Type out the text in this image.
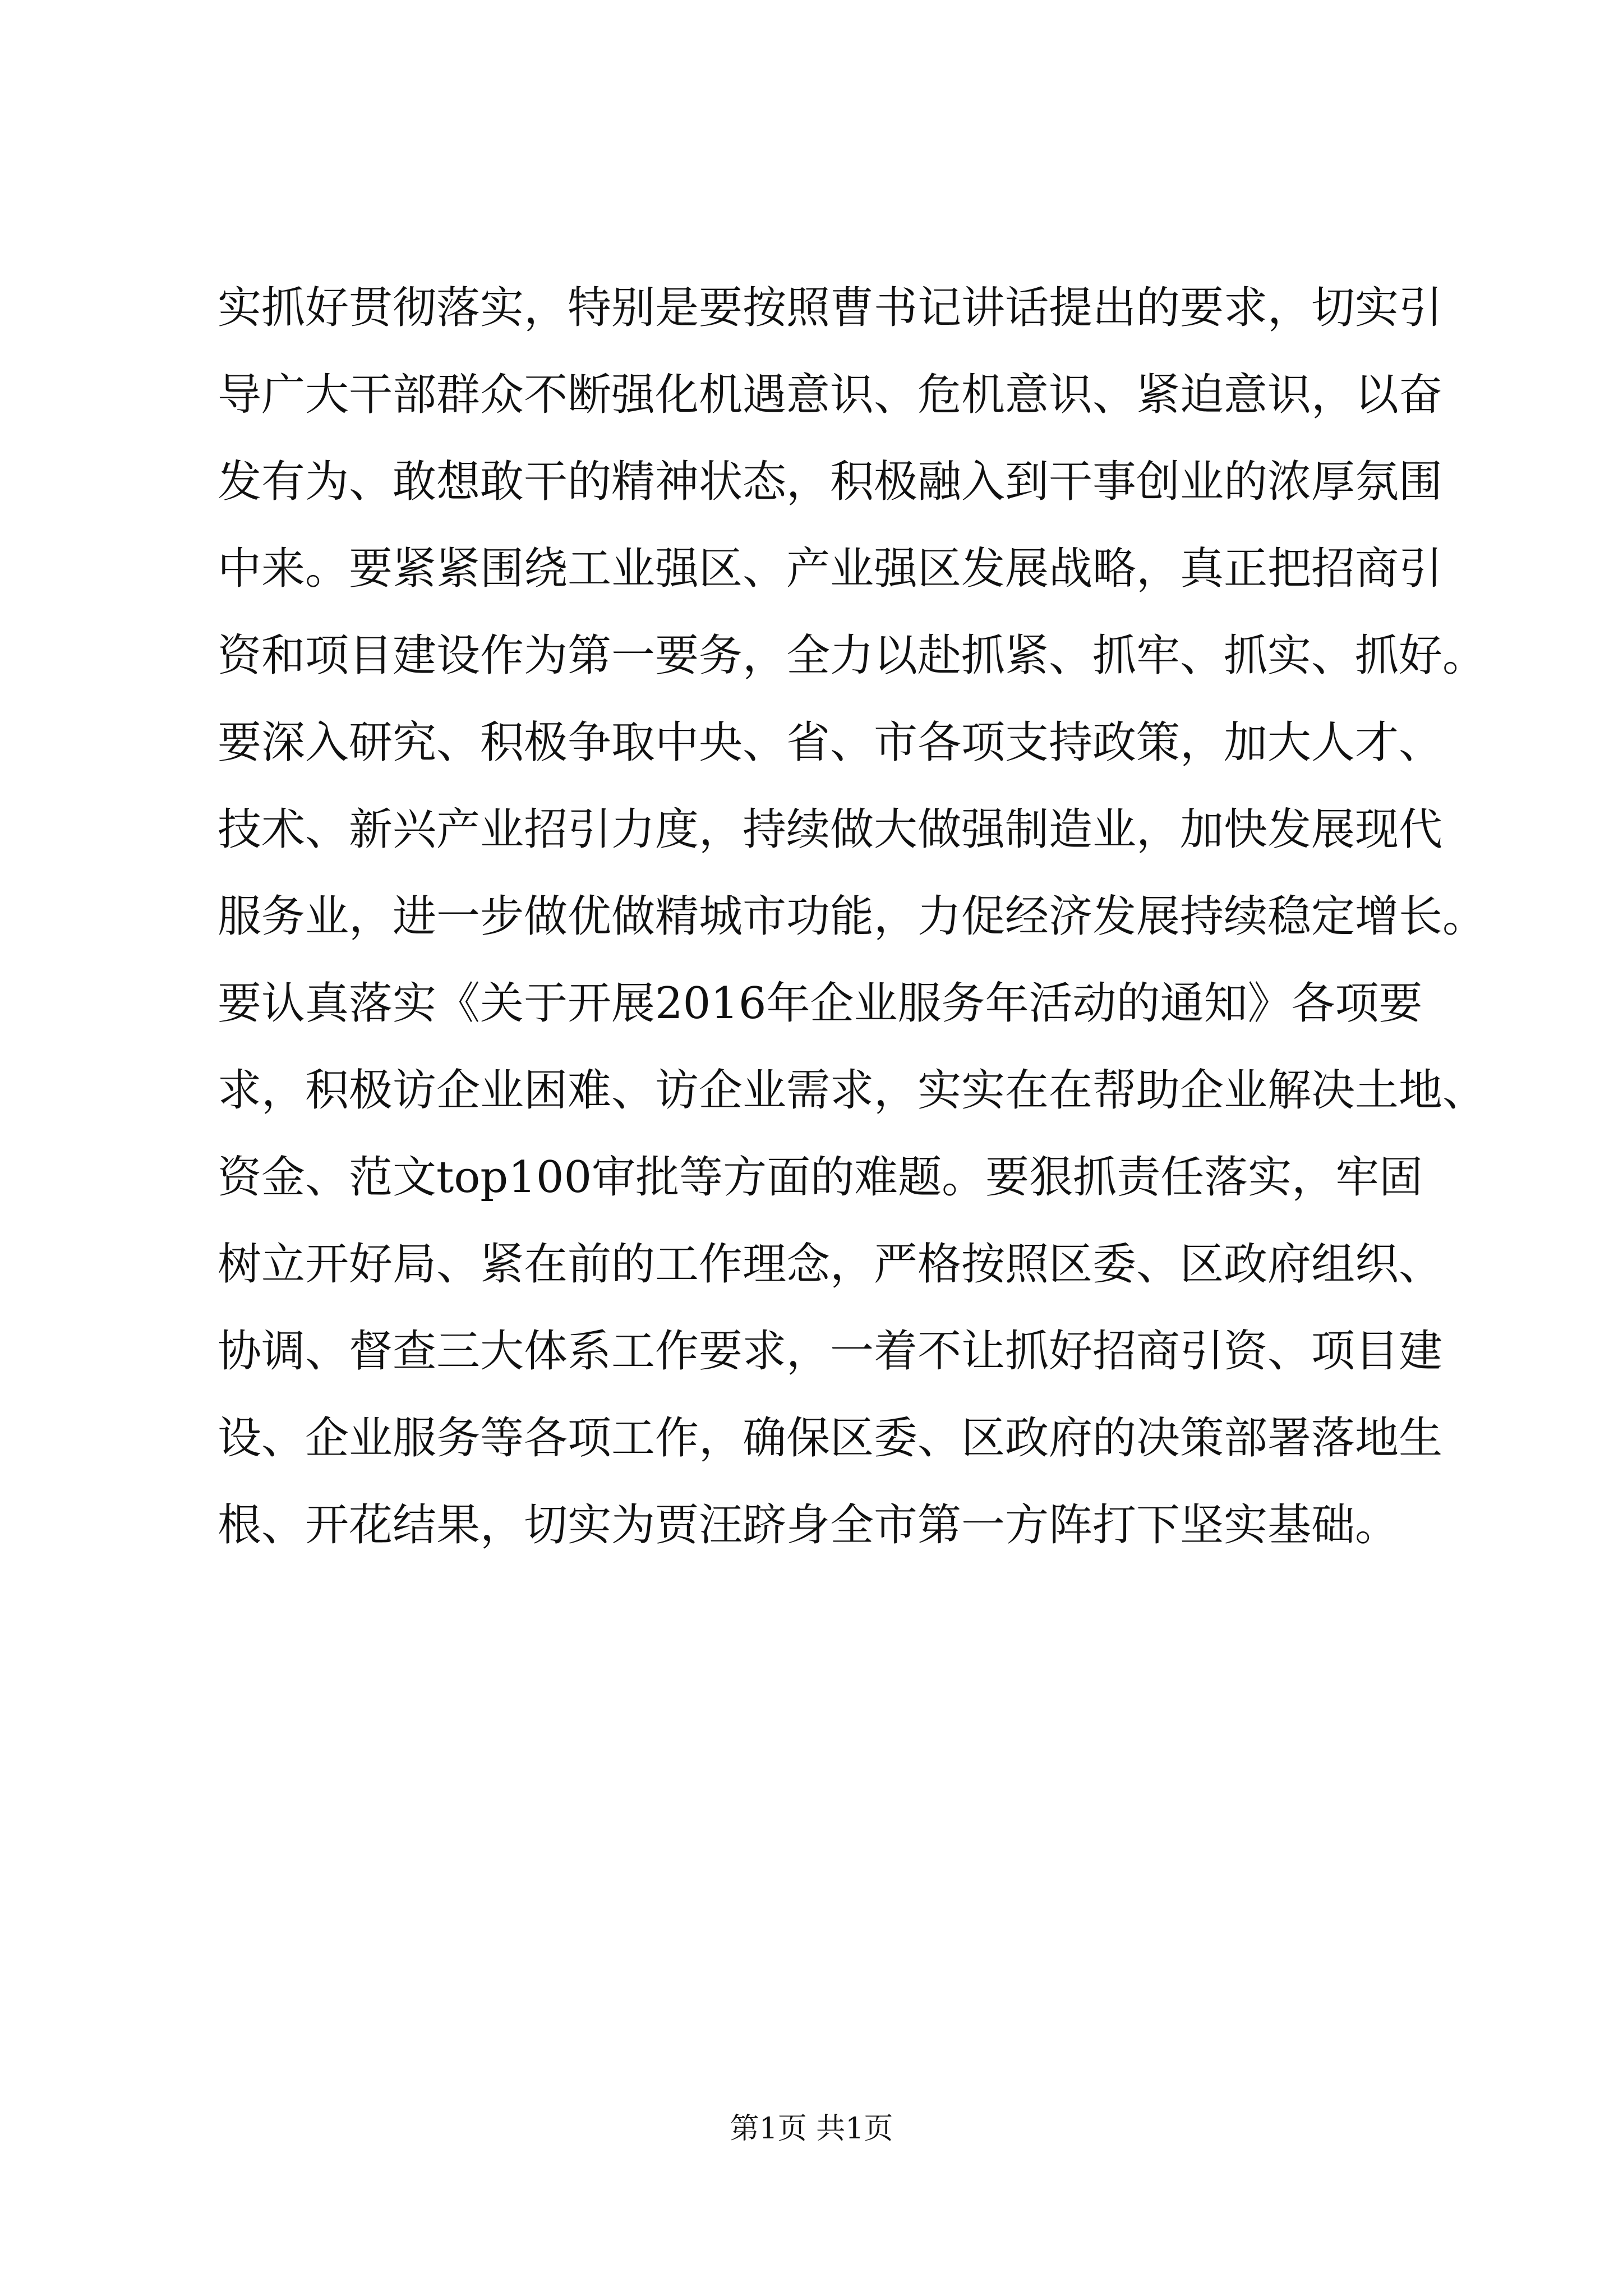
实抓好贯彻落实，特别是要按照曹书记讲话提出的要求，切实引
导广大干部群众不断强化机遇意识、危机意识、紧迫意识，以奋
发有为、敢想敢干的精神状态，积极融入到干事创业的浓厚氛围
中来。要紧紧围绕工业强区、产业强区发展战略，真正把招商引
资和项目建设作为第一要务，全力以赴抓紧、抓牢、抓实、抓好。
要深入研究、积极争取中央、省、市各项支持政策，加大人才、
技术、新兴产业招引力度，持续做大做强制造业，加快发展现代
服务业，进一步做优做精城市功能，力促经济发展持续稳定增长。
要认真落实《关于开展2016年企业服务年活动的通知》各项要
求，积极访企业困难、访企业需求，实实在在帮助企业解决土地、
资金、范文top100审批等方面的难题。要狠抓责任落实，牢固
树立开好局、紧在前的工作理念，严格按照区委、区政府组织、
协调、督查三大体系工作要求，一着不让抓好招商引资、项目建
设、企业服务等各项工作，确保区委、区政府的决策部署落地生
根、开花结果，切实为贾汪跻身全市第一方阵打下坚实基础。
第1页 共1页
